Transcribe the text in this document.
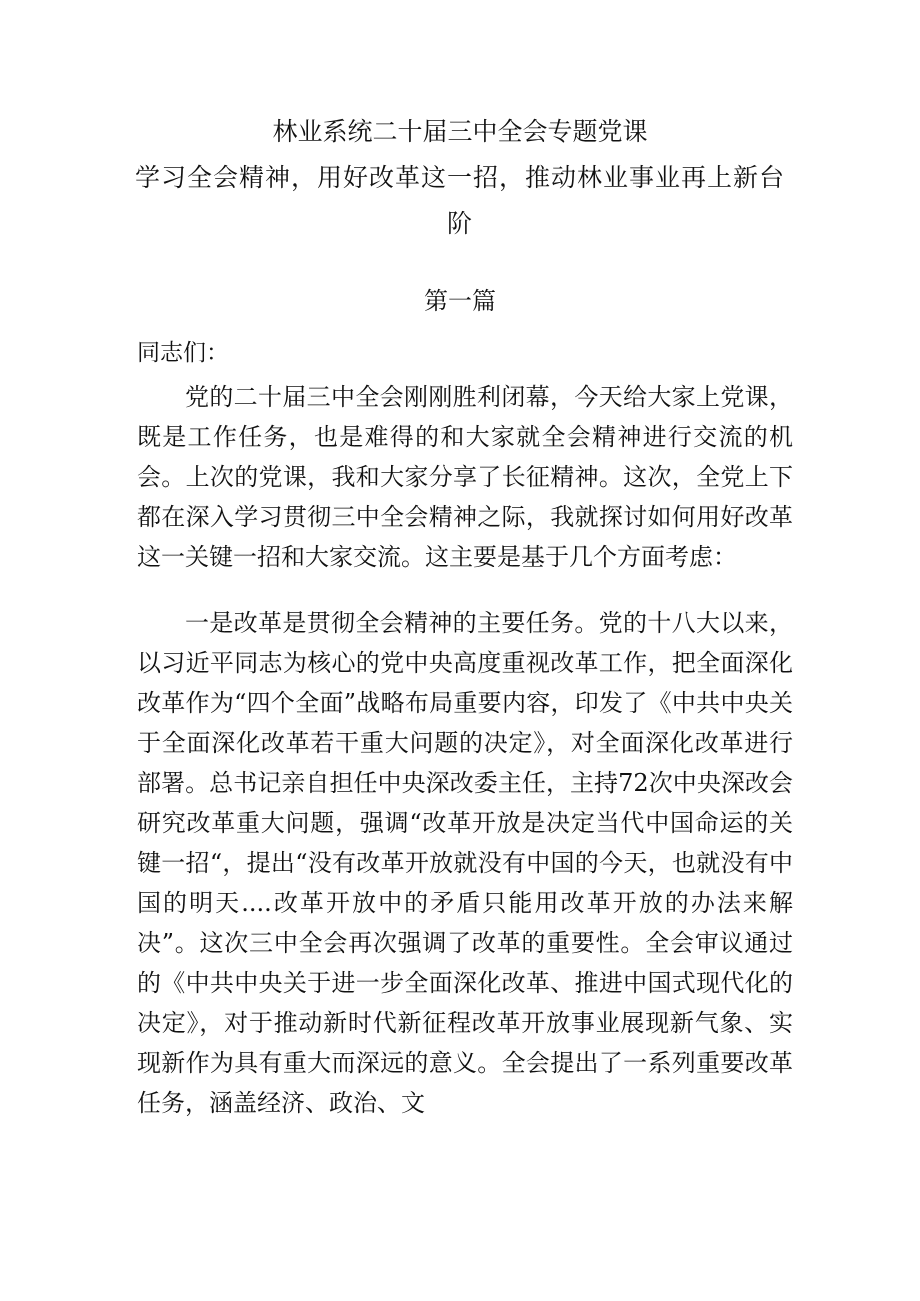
林业系统二十届三中全会专题党课
学习全会精神，用好改革这一招，推动林业事业再上新台
阶
第一篇
同志们：

党的二十届三中全会刚刚胜利闭幕，今天给大家上党课，既是工作任务，也是难得的和大家就全会精神进行交流的机会。上次的党课，我和大家分享了长征精神。这次，全党上下都在深入学习贯彻三中全会精神之际，我就探讨如何用好改革这一关键一招和大家交流。这主要是基于几个方面考虑：

一是改革是贯彻全会精神的主要任务。党的十八大以来，以习近平同志为核心的党中央高度重视改革工作，把全面深化改革作为“四个全面”战略布局重要内容，印发了《中共中央关于全面深化改革若干重大问题的决定》，对全面深化改革进行部署。总书记亲自担任中央深改委主任，主持72次中央深改会研究改革重大问题，强调“改革开放是决定当代中国命运的关键一招“，提出“没有改革开放就没有中国的今天，也就没有中国的明天....改革开放中的矛盾只能用改革开放的办法来解决”。这次三中全会再次强调了改革的重要性。全会审议通过的《中共中央关于进一步全面深化改革、推进中国式现代化的决定》，对于推动新时代新征程改革开放事业展现新气象、实现新作为具有重大而深远的意义。全会提出了一系列重要改革任务，涵盖经济、政治、文
